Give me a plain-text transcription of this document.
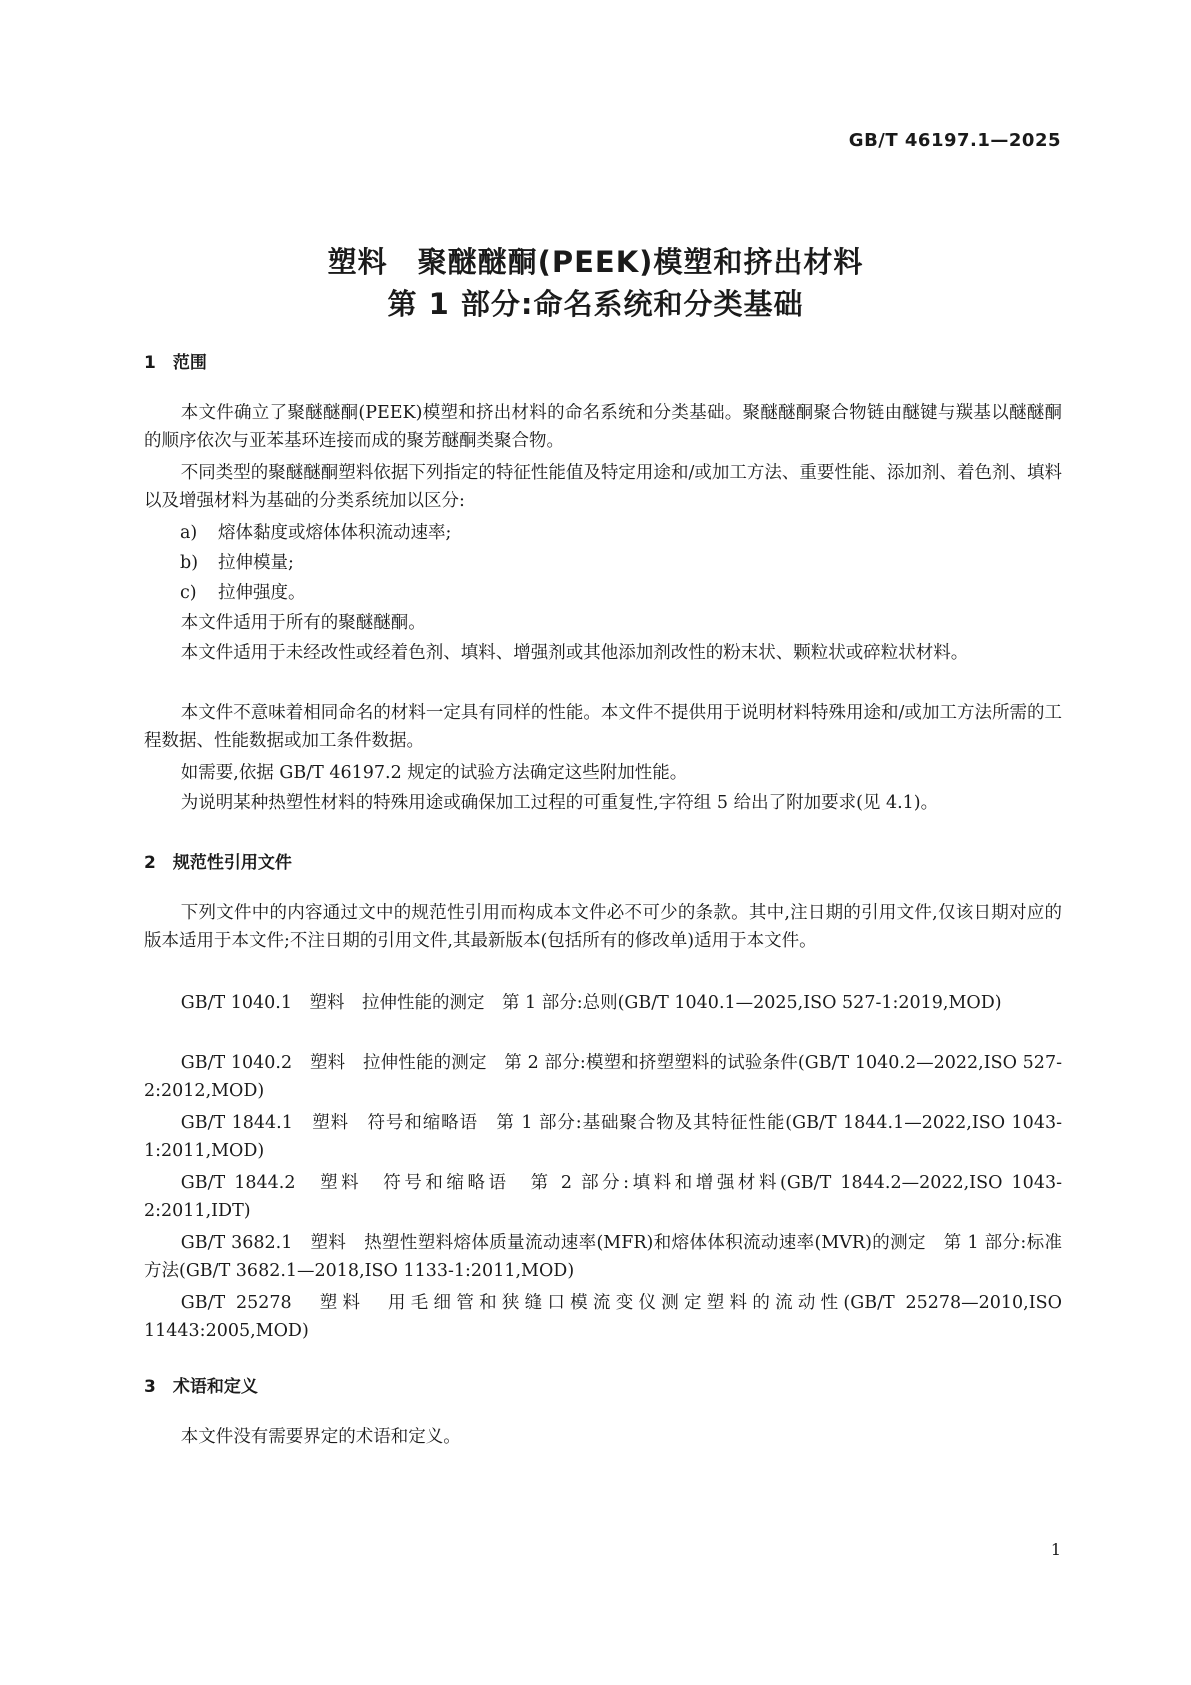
GB/T 46197.1—2025
塑料　聚醚醚酮(PEEK)模塑和挤出材料
第 1 部分:命名系统和分类基础
1　范围
本文件确立了聚醚醚酮(PEEK)模塑和挤出材料的命名系统和分类基础。聚醚醚酮聚合物链由醚键与羰基以醚醚酮的顺序依次与亚苯基环连接而成的聚芳醚酮类聚合物。
不同类型的聚醚醚酮塑料依据下列指定的特征性能值及特定用途和/或加工方法、重要性能、添加剂、着色剂、填料以及增强材料为基础的分类系统加以区分:
a) 熔体黏度或熔体体积流动速率;
b) 拉伸模量;
c) 拉伸强度。
本文件适用于所有的聚醚醚酮。
本文件适用于未经改性或经着色剂、填料、增强剂或其他添加剂改性的粉末状、颗粒状或碎粒状材料。
本文件不意味着相同命名的材料一定具有同样的性能。本文件不提供用于说明材料特殊用途和/或加工方法所需的工程数据、性能数据或加工条件数据。
如需要,依据 GB/T 46197.2 规定的试验方法确定这些附加性能。
为说明某种热塑性材料的特殊用途或确保加工过程的可重复性,字符组 5 给出了附加要求(见 4.1)。
2　规范性引用文件
下列文件中的内容通过文中的规范性引用而构成本文件必不可少的条款。其中,注日期的引用文件,仅该日期对应的版本适用于本文件;不注日期的引用文件,其最新版本(包括所有的修改单)适用于本文件。
GB/T 1040.1　塑料　拉伸性能的测定　第 1 部分:总则(GB/T 1040.1—2025,ISO 527-1:2019,MOD)
GB/T 1040.2　塑料　拉伸性能的测定　第 2 部分:模塑和挤塑塑料的试验条件(GB/T 1040.2—2022,ISO 527-2:2012,MOD)
GB/T 1844.1　塑料　符号和缩略语　第 1 部分:基础聚合物及其特征性能(GB/T 1844.1—2022,ISO 1043-1:2011,MOD)
GB/T 1844.2　塑料　符号和缩略语　第 2 部分:填料和增强材料(GB/T 1844.2—2022,ISO 1043-2:2011,IDT)
GB/T 3682.1　塑料　热塑性塑料熔体质量流动速率(MFR)和熔体体积流动速率(MVR)的测定　第 1 部分:标准方法(GB/T 3682.1—2018,ISO 1133-1:2011,MOD)
GB/T 25278　塑料　用毛细管和狭缝口模流变仪测定塑料的流动性(GB/T 25278—2010,ISO 11443:2005,MOD)
3　术语和定义
本文件没有需要界定的术语和定义。
1
